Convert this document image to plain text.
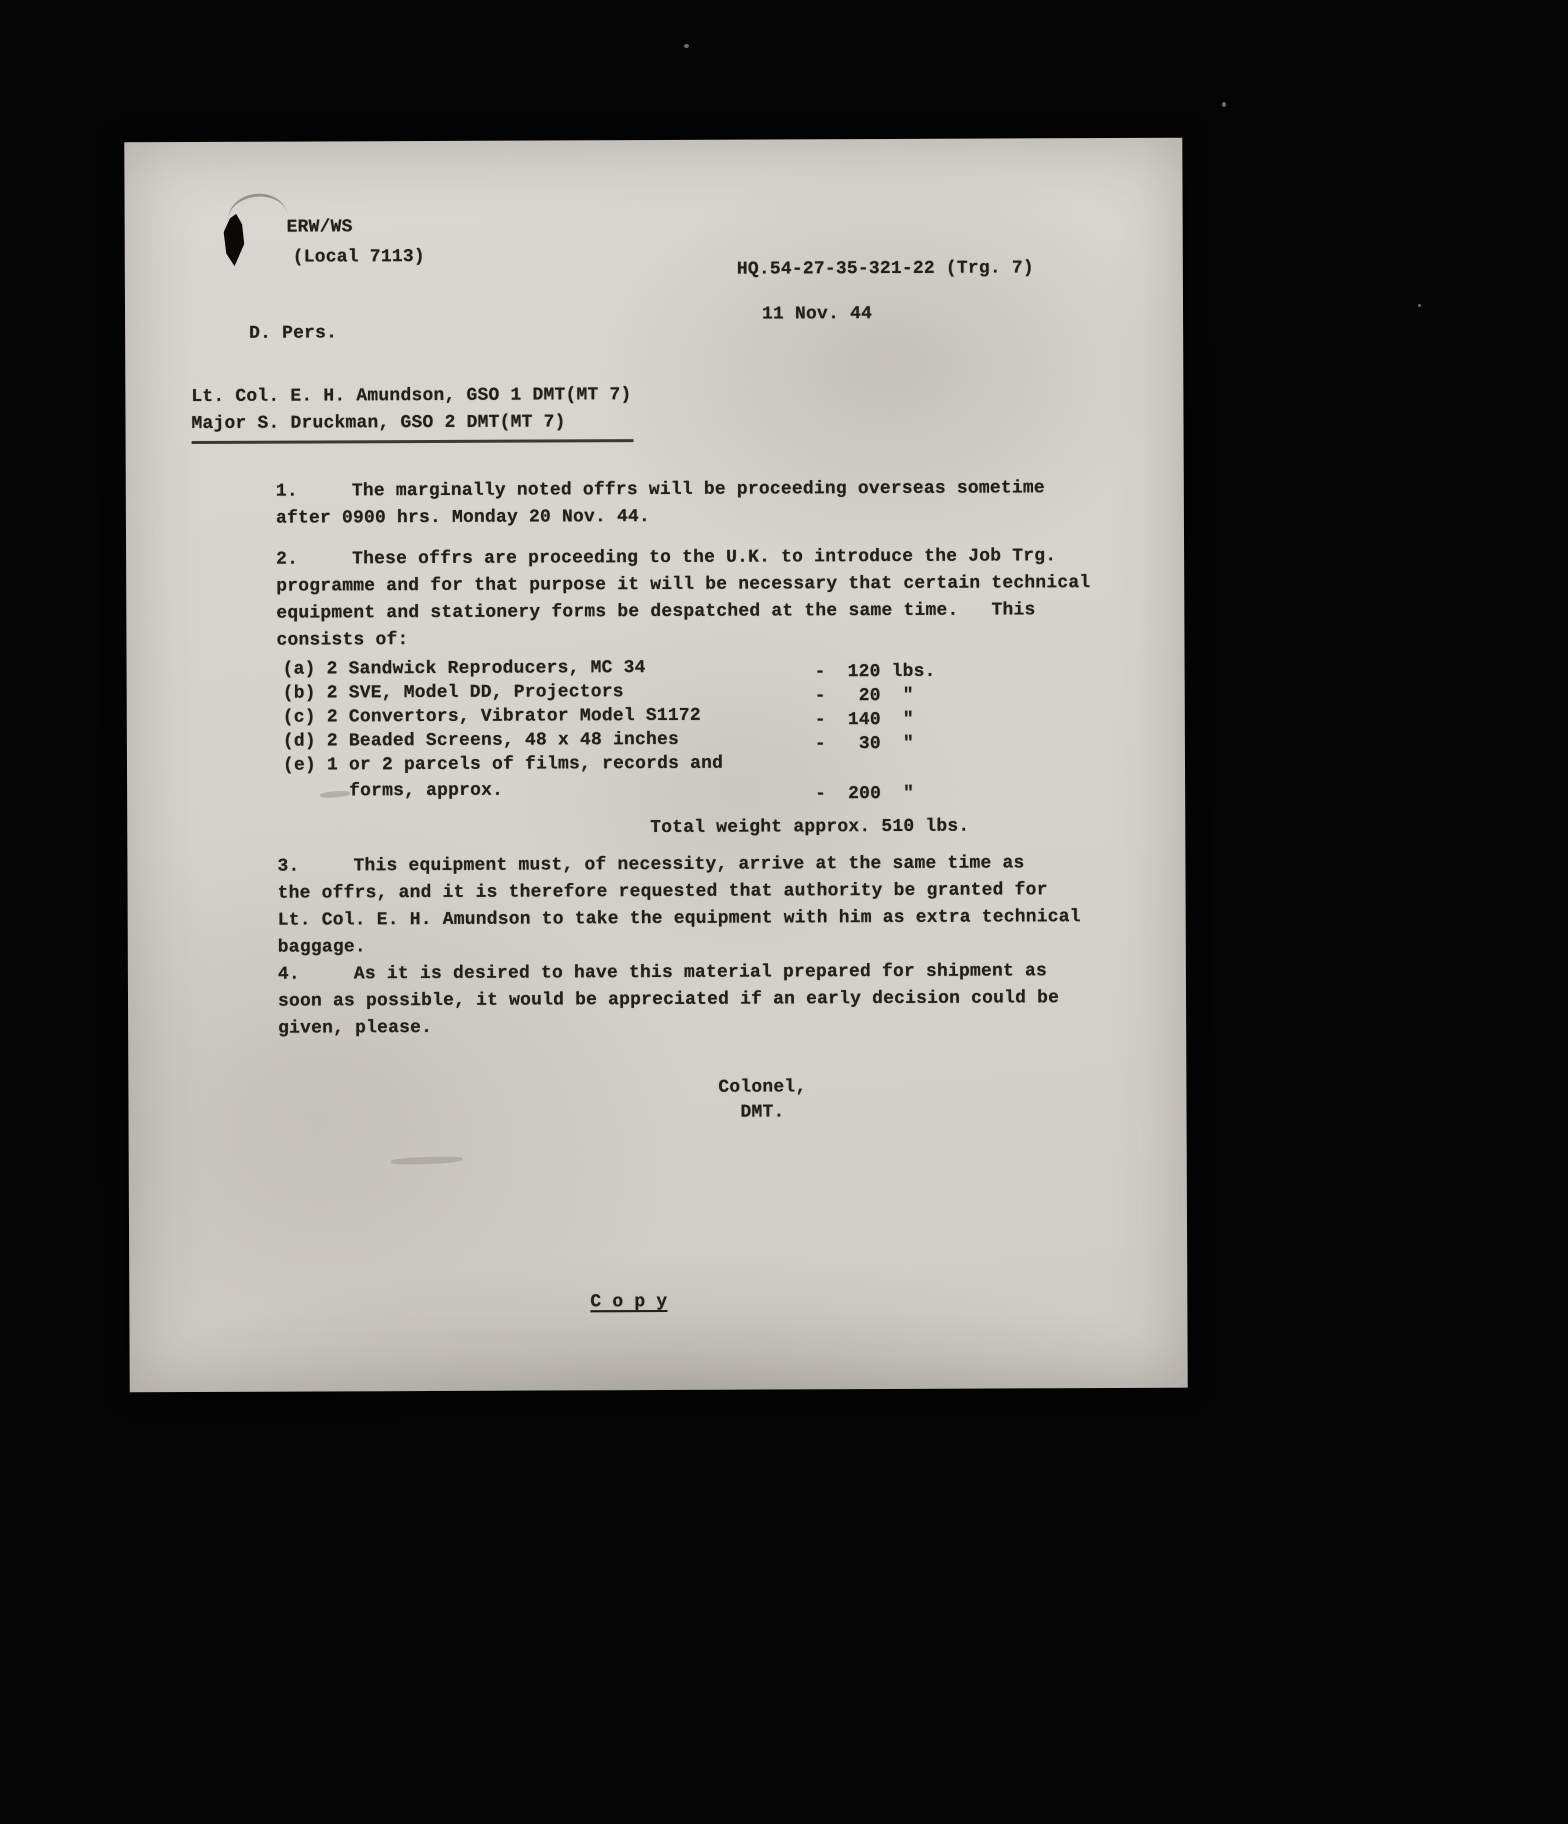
ERW/WS
(Local 7113)
HQ.54-27-35-321-22 (Trg. 7)
11 Nov. 44
D. Pers.
Lt. Col. E. H. Amundson, GSO 1 DMT(MT 7)
Major S. Druckman, GSO 2 DMT(MT 7)
1.	The marginally noted offrs will be proceeding overseas sometime
after 0900 hrs. Monday 20 Nov. 44.
2.	These offrs are proceeding to the U.K. to introduce the Job Trg.
programme and for that purpose it will be necessary that certain technical
equipment and stationery forms be despatched at the same time.   This
consists of:
(a) 2 Sandwick Reproducers, MC 34	-  120 lbs.
(b) 2 SVE, Model DD, Projectors	-   20  "
(c) 2 Convertors, Vibrator Model S1172	-  140  "
(d) 2 Beaded Screens, 48 x 48 inches	-   30  "
(e) 1 or 2 parcels of films, records and
forms, approx.	-  200  "
Total weight approx. 510 lbs.
3.	This equipment must, of necessity, arrive at the same time as
the offrs, and it is therefore requested that authority be granted for
Lt. Col. E. H. Amundson to take the equipment with him as extra technical
baggage.
4.	As it is desired to have this material prepared for shipment as
soon as possible, it would be appreciated if an early decision could be
given, please.
Colonel,
DMT.
C o p y
